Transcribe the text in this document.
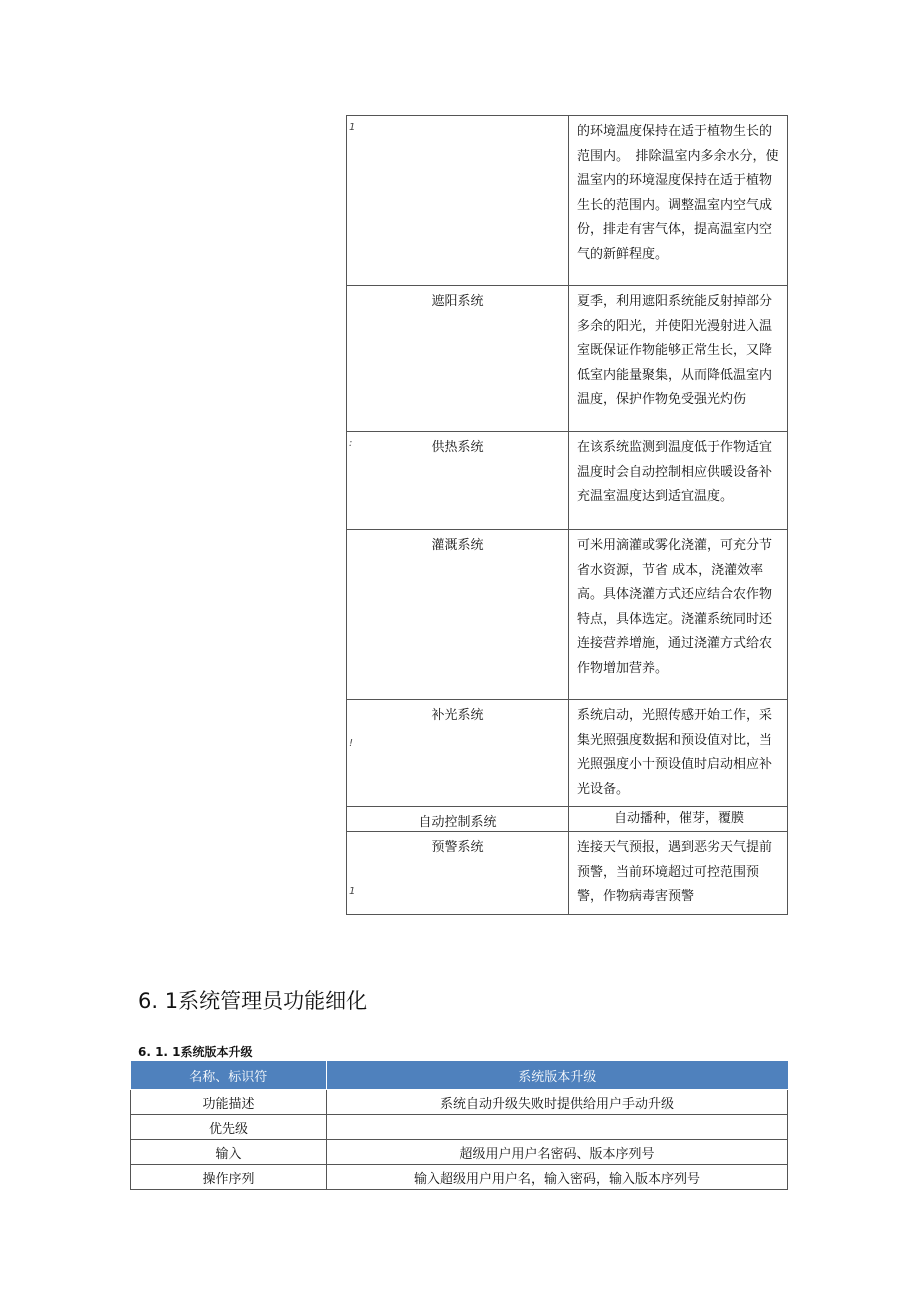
1	的环境温度保持在适于植物生长的范围内。　排除温室内多余水分，使温室内的环境湿度保持在适于植物生长的范围内。调整温室内空气成份，排走有害气体，提高温室内空气的新鲜程度。
遮阳系统	夏季，利用遮阳系统能反射掉部分多余的阳光，并使阳光漫射进入温室既保证作物能够正常生长，又降低室内能量聚集，从而降低温室内温度，保护作物免受强光灼伤

: 供热系统	在该系统监测到温度低于作物适宜温度时会自动控制相应供暖设备补充温室温度达到适宜温度。
灌溉系统	可米用滴灌或雾化浇灌，可充分节省水资源，节省 成本，浇灌效率高。具体浇灌方式还应结合农作物特点，具体选定。浇灌系统同时还连接营养增施，通过浇灌方式给农作物增加营养。

!
补光系统	系统启动，光照传感开始工作，采集光照强度数据和预设值对比，当光照强度小十预设值时启动相应补光设备。
自动控制系统	自动播种，催芽，覆膜

1
预警系统	连接天气预报，遇到恶劣天气提前预警，当前环境超过可控范围预警，作物病毒害预警
6. 1系统管理员功能细化
6. 1. 1系统版本升级
名称、标识符	系统版本升级
功能描述	系统自动升级失败时提供给用户手动升级
优先级	
输入	超级用户用户名密码、版本序列号
操作序列	输入超级用户用户名，输入密码，输入版本序列号
